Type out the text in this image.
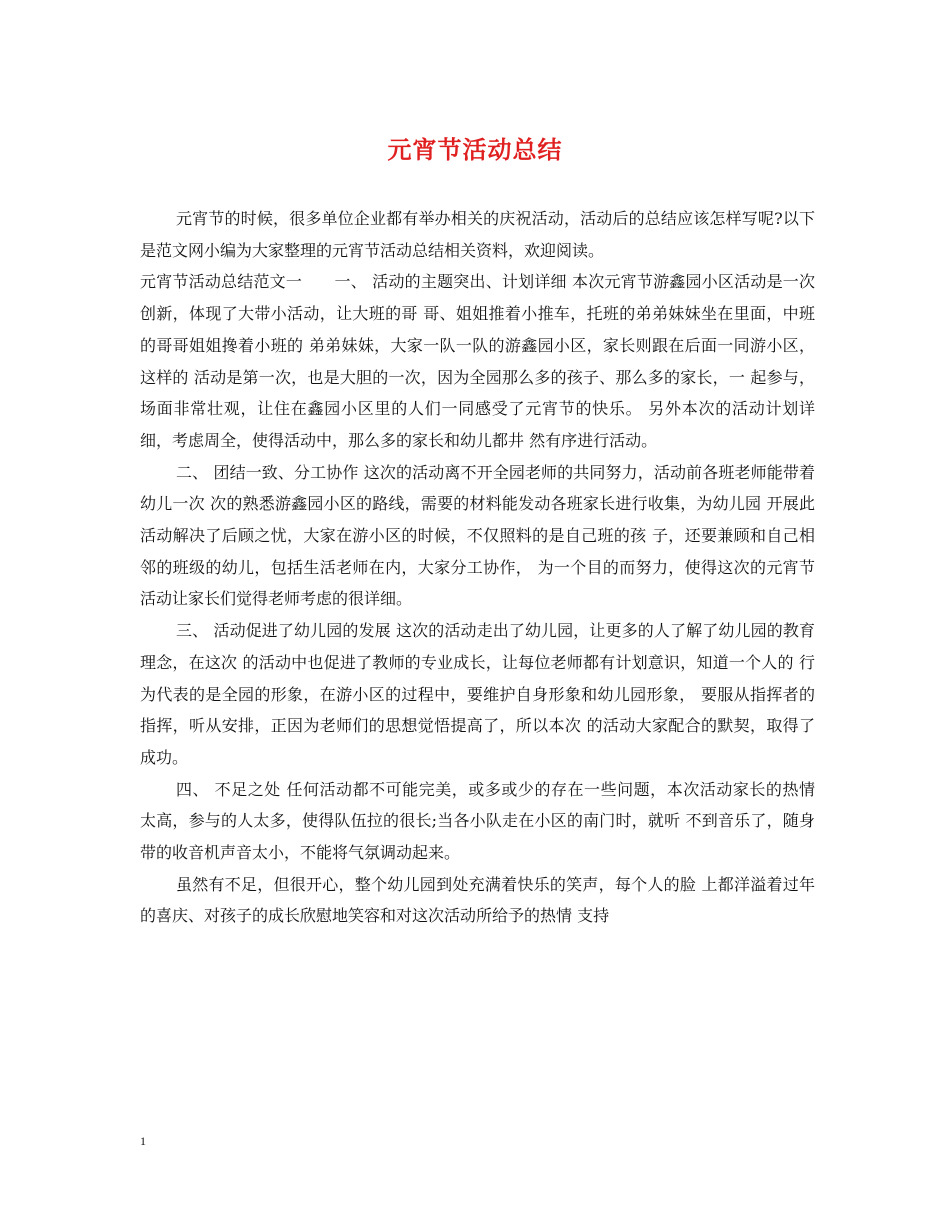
元宵节活动总结

元宵节的时候，很多单位企业都有举办相关的庆祝活动，活动后的总结应该怎样写呢?以下是范文网小编为大家整理的元宵节活动总结相关资料，欢迎阅读。

元宵节活动总结范文一　　一、 活动的主题突出、计划详细 本次元宵节游鑫园小区活动是一次创新，体现了大带小活动，让大班的哥 哥、姐姐推着小推车，托班的弟弟妹妹坐在里面，中班的哥哥姐姐搀着小班的 弟弟妹妹，大家一队一队的游鑫园小区，家长则跟在后面一同游小区，这样的 活动是第一次，也是大胆的一次，因为全园那么多的孩子、那么多的家长，一 起参与，场面非常壮观，让住在鑫园小区里的人们一同感受了元宵节的快乐。 另外本次的活动计划详细，考虑周全，使得活动中，那么多的家长和幼儿都井 然有序进行活动。

二、 团结一致、分工协作 这次的活动离不开全园老师的共同努力，活动前各班老师能带着幼儿一次 次的熟悉游鑫园小区的路线，需要的材料能发动各班家长进行收集，为幼儿园 开展此活动解决了后顾之忧，大家在游小区的时候，不仅照料的是自己班的孩 子，还要兼顾和自己相邻的班级的幼儿，包括生活老师在内，大家分工协作， 为一个目的而努力，使得这次的元宵节活动让家长们觉得老师考虑的很详细。

三、 活动促进了幼儿园的发展 这次的活动走出了幼儿园，让更多的人了解了幼儿园的教育理念，在这次 的活动中也促进了教师的专业成长，让每位老师都有计划意识，知道一个人的 行为代表的是全园的形象，在游小区的过程中，要维护自身形象和幼儿园形象， 要服从指挥者的指挥，听从安排，正因为老师们的思想觉悟提高了，所以本次 的活动大家配合的默契，取得了成功。

四、 不足之处 任何活动都不可能完美，或多或少的存在一些问题，本次活动家长的热情 太高，参与的人太多，使得队伍拉的很长;当各小队走在小区的南门时，就听 不到音乐了，随身带的收音机声音太小，不能将气氛调动起来。

虽然有不足，但很开心，整个幼儿园到处充满着快乐的笑声，每个人的脸 上都洋溢着过年的喜庆、对孩子的成长欣慰地笑容和对这次活动所给予的热情 支持

1
